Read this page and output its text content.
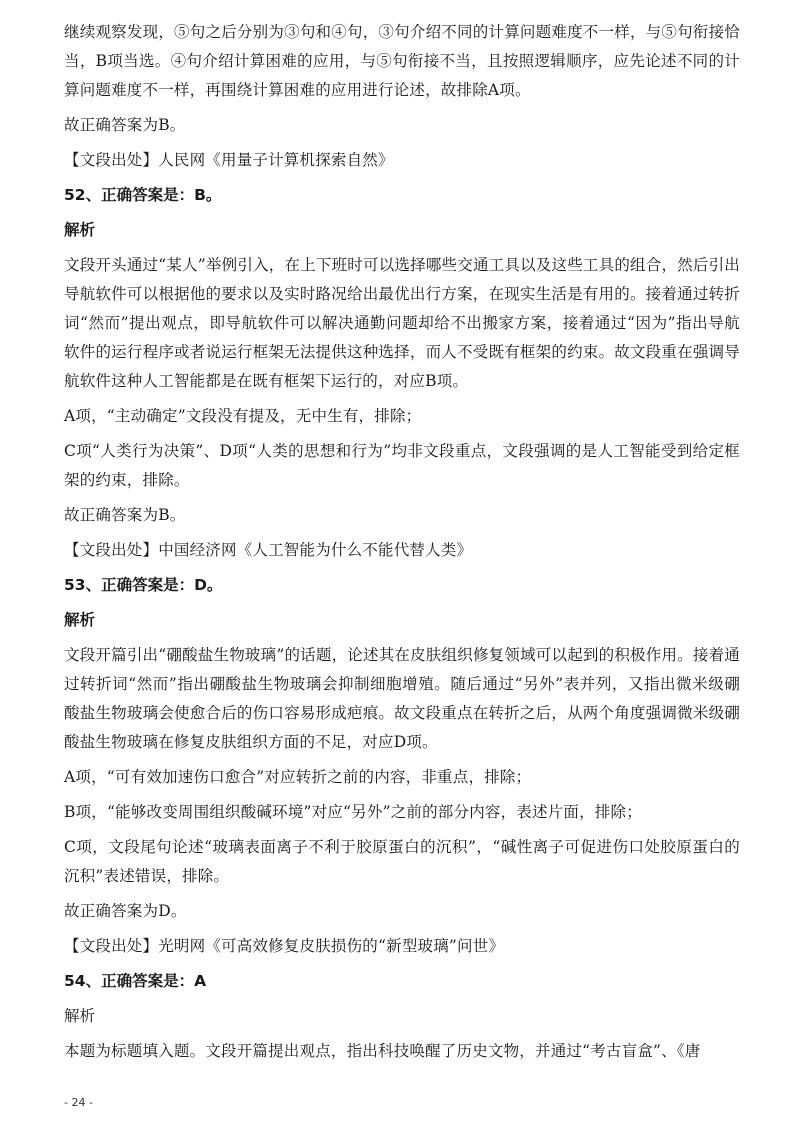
继续观察发现，⑤句之后分别为③句和④句，③句介绍不同的计算问题难度不一样，与⑤句衔接恰当，B项当选。④句介绍计算困难的应用，与⑤句衔接不当，且按照逻辑顺序，应先论述不同的计算问题难度不一样，再围绕计算困难的应用进行论述，故排除A项。

故正确答案为B。

【文段出处】人民网《用量子计算机探索自然》

52、正确答案是：B。

解析

文段开头通过“某人”举例引入，在上下班时可以选择哪些交通工具以及这些工具的组合，然后引出导航软件可以根据他的要求以及实时路况给出最优出行方案，在现实生活是有用的。接着通过转折词“然而”提出观点，即导航软件可以解决通勤问题却给不出搬家方案，接着通过“因为”指出导航软件的运行程序或者说运行框架无法提供这种选择，而人不受既有框架的约束。故文段重在强调导航软件这种人工智能都是在既有框架下运行的，对应B项。

A项，“主动确定”文段没有提及，无中生有，排除；

C项“人类行为决策”、D项“人类的思想和行为”均非文段重点，文段强调的是人工智能受到给定框架的约束，排除。

故正确答案为B。

【文段出处】中国经济网《人工智能为什么不能代替人类》

53、正确答案是：D。

解析

文段开篇引出“硼酸盐生物玻璃”的话题，论述其在皮肤组织修复领域可以起到的积极作用。接着通过转折词“然而”指出硼酸盐生物玻璃会抑制细胞增殖。随后通过“另外”表并列，又指出微米级硼酸盐生物玻璃会使愈合后的伤口容易形成疤痕。故文段重点在转折之后，从两个角度强调微米级硼酸盐生物玻璃在修复皮肤组织方面的不足，对应D项。

A项，“可有效加速伤口愈合”对应转折之前的内容，非重点，排除；

B项，“能够改变周围组织酸碱环境”对应“另外”之前的部分内容，表述片面，排除；

C项，文段尾句论述“玻璃表面离子不利于胶原蛋白的沉积”，“碱性离子可促进伤口处胶原蛋白的沉积”表述错误，排除。

故正确答案为D。

【文段出处】光明网《可高效修复皮肤损伤的“新型玻璃”问世》

54、正确答案是：A

解析

本题为标题填入题。文段开篇提出观点，指出科技唤醒了历史文物，并通过“考古盲盒”、《唐

- 24 -
